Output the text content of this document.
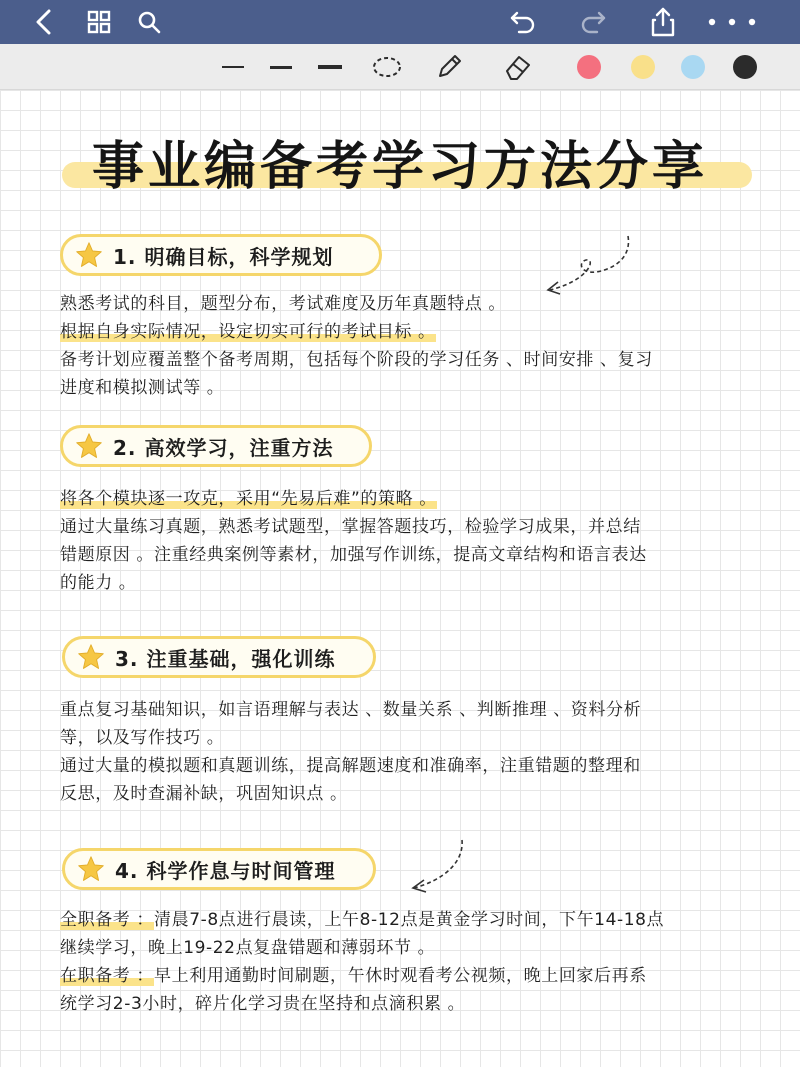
事业编备考学习方法分享
1. 明确目标，科学规划

熟悉考试的科目，题型分布，考试难度及历年真题特点 。

根据自身实际情况，设定切实可行的考试目标 。

备考计划应覆盖整个备考周期，包括每个阶段的学习任务 、时间安排 、复习

进度和模拟测试等 。

2. 高效学习，注重方法

将各个模块逐一攻克，采用“先易后难”的策略 。

通过大量练习真题，熟悉考试题型，掌握答题技巧，检验学习成果，并总结

错题原因 。注重经典案例等素材，加强写作训练，提高文章结构和语言表达

的能力 。

3. 注重基础，强化训练

重点复习基础知识，如言语理解与表达 、数量关系 、判断推理 、资料分析

等，以及写作技巧 。

通过大量的模拟题和真题训练，提高解题速度和准确率，注重错题的整理和

反思，及时查漏补缺，巩固知识点 。

4. 科学作息与时间管理

全职备考 ：清晨7-8点进行晨读，上午8-12点是黄金学习时间，下午14-18点

继续学习，晚上19-22点复盘错题和薄弱环节 。

在职备考 ：早上利用通勤时间刷题，午休时观看考公视频，晚上回家后再系

统学习2-3小时，碎片化学习贵在坚持和点滴积累 。
